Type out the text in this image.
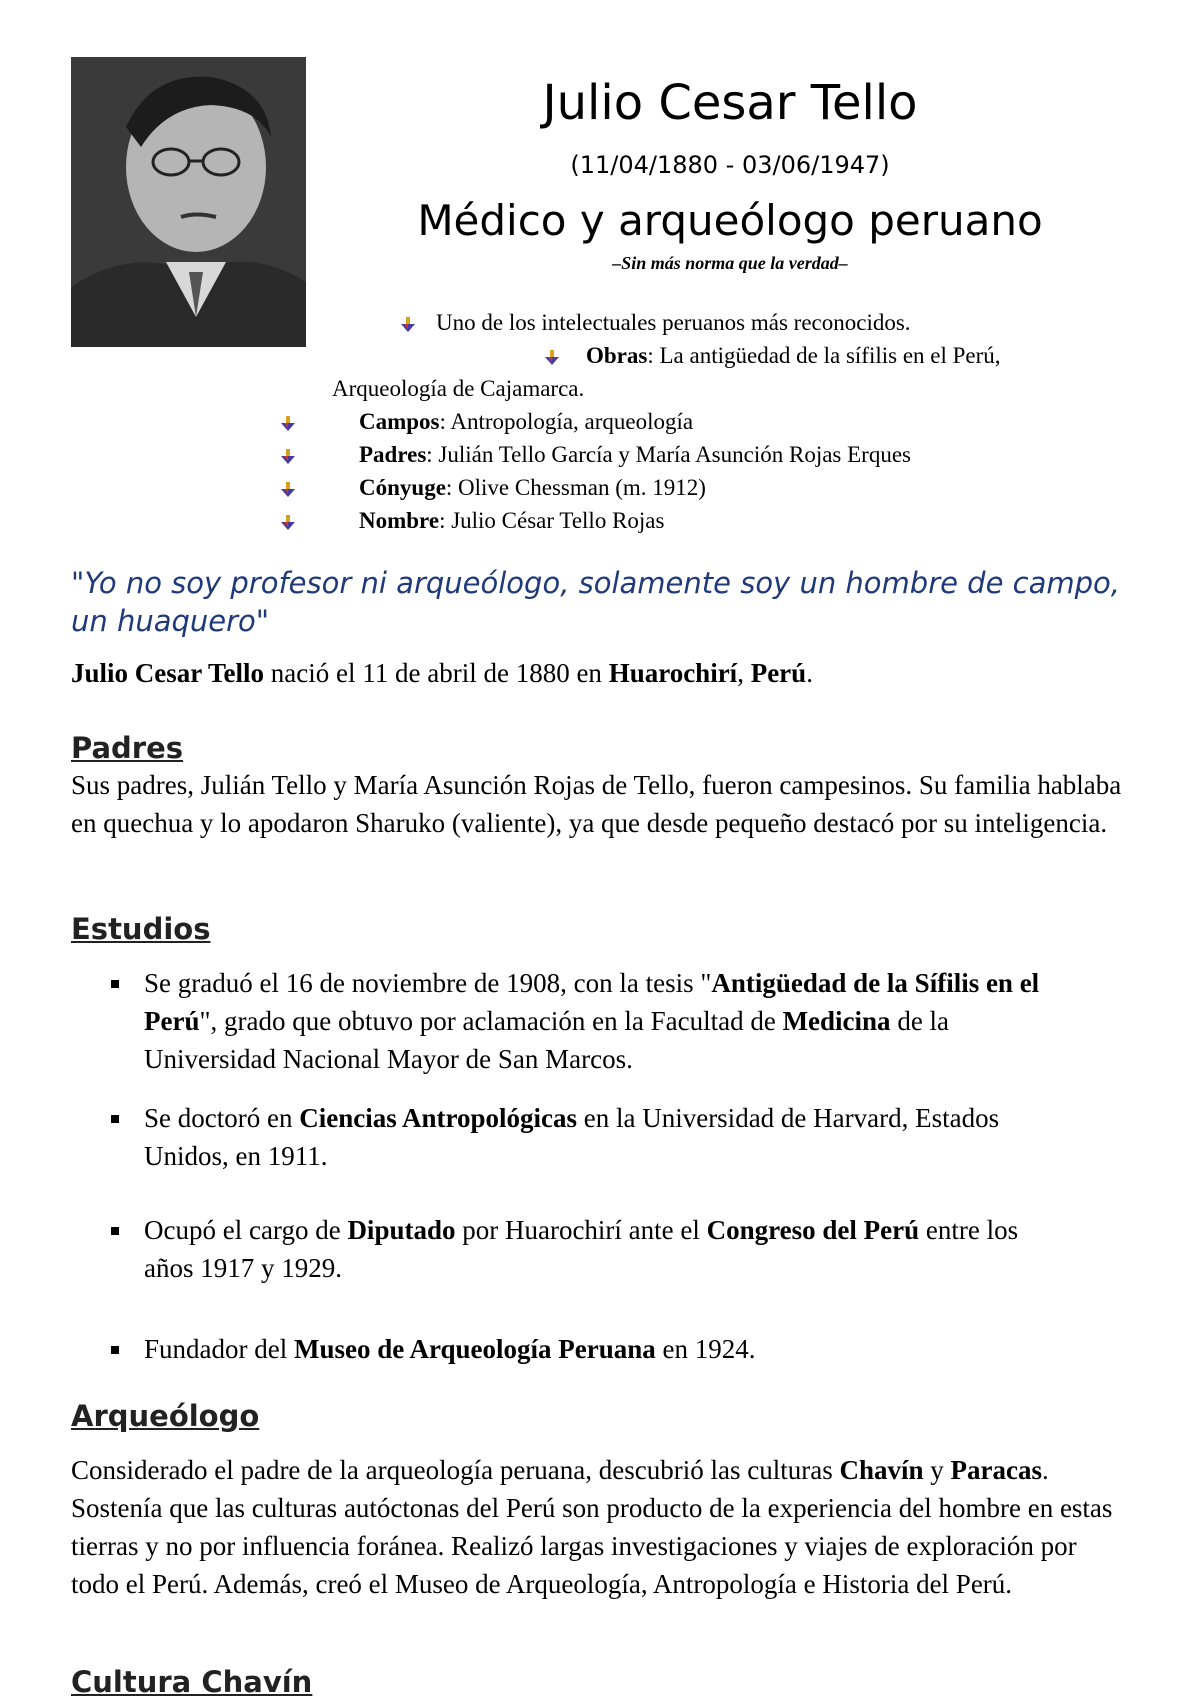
Julio Cesar Tello
(11/04/1880 - 03/06/1947)
Médico y arqueólogo peruano
–Sin más norma que la verdad–
Uno de los intelectuales peruanos más reconocidos.
Obras: La antigüedad de la sífilis en el Perú,
Arqueología de Cajamarca.
Campos: Antropología, arqueología
Padres: Julián Tello García y María Asunción Rojas Erques
Cónyuge: Olive Chessman (m. 1912)
Nombre: Julio César Tello Rojas
"Yo no soy profesor ni arqueólogo, solamente soy un hombre de campo, un huaquero"
Julio Cesar Tello nació el 11 de abril de 1880 en Huarochirí, Perú.
Padres
Sus padres, Julián Tello y María Asunción Rojas de Tello, fueron campesinos. Su familia hablaba en quechua y lo apodaron Sharuko (valiente), ya que desde pequeño destacó por su inteligencia.
Estudios
Se graduó el 16 de noviembre de 1908, con la tesis "Antigüedad de la Sífilis en el Perú", grado que obtuvo por aclamación en la Facultad de Medicina de la Universidad Nacional Mayor de San Marcos.
Se doctoró en Ciencias Antropológicas en la Universidad de Harvard, Estados Unidos, en 1911.
Ocupó el cargo de Diputado por Huarochirí ante el Congreso del Perú entre los años 1917 y 1929.
Fundador del Museo de Arqueología Peruana en 1924.
Arqueólogo
Considerado el padre de la arqueología peruana, descubrió las culturas Chavín y Paracas. Sostenía que las culturas autóctonas del Perú son producto de la experiencia del hombre en estas tierras y no por influencia foránea. Realizó largas investigaciones y viajes de exploración por todo el Perú. Además, creó el Museo de Arqueología, Antropología e Historia del Perú.
Cultura Chavín
